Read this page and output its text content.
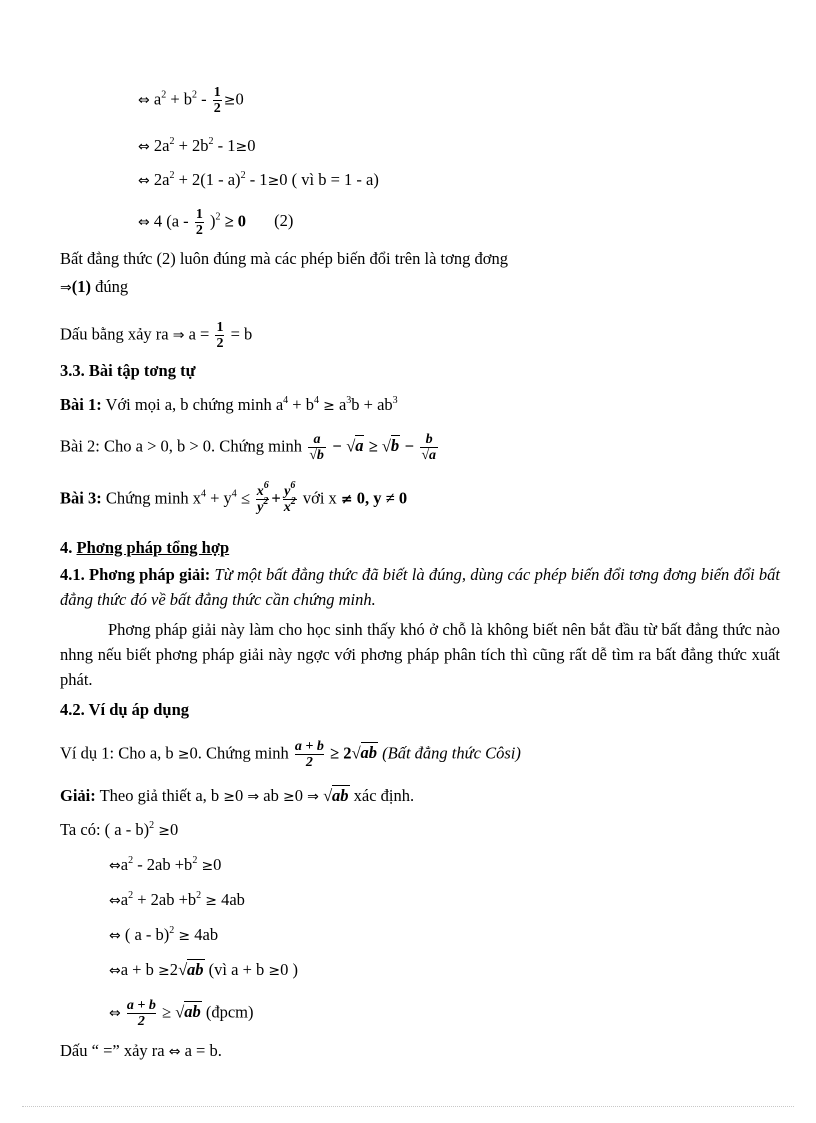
⇔ $a^2 + b^2 - \frac{1}{2} \ge 0$
⇔ $2a^2 + 2b^2 - 1\ge 0$
⇔ $2a^2 + 2(1 - a)^2 - 1\ge 0$ ( vì b = 1 - a)
⇔ 4 $(a - \frac{1}{2} )^2 \ge 0$ (2)
Bất đẳng thức (2) luôn đúng mà các phép biến đổi trên là tơng đơng
⇒(1) đúng
Dấu bằng xảy ra ⇒ $a = \frac{1}{2} = b$
3.3. Bài tập tơng tự
Bài 1: Với mọi a, b chứng minh $a^4 + b^4 \ge a^3b + ab^3$
Bài 2: Cho a > 0, b > 0. Chứng minh $\frac{a}{√b} - √a \ge √b - \frac{b}{√a}$
Bài 3: Chứng minh $x^4 + y^4 \le \frac{x^6}{y^2} + \frac{y^6}{x^2}$ với x ≠ 0, y ≠ 0
4. Phơng pháp tổng hợp
4.1. Phơng pháp giải: Từ một bất đẳng thức đã biết là đúng, dùng các phép biến đổi tơng đơng biến đổi bất đẳng thức đó về bất đẳng thức cần chứng minh.
Phơng pháp giải này làm cho học sinh thấy khó ở chỗ là không biết nên bắt đầu từ bất đẳng thức nào nhng nếu biết phơng pháp giải này ngợc với phơng pháp phân tích thì cũng rất dễ tìm ra bất đẳng thức xuất phát.
4.2. Ví dụ áp dụng
Ví dụ 1: Cho a, b ≥0. Chứng minh $\frac{a + b}{2} \ge 2√ab$ (Bất đẳng thức Côsi)
Giải: Theo giả thiết a, b ≥0 ⇒ ab ≥0 ⇒ √ab xác định.
Ta có: ( a - b)$^2$ ≥0
$\Leftrightarrow a^2 - 2ab +b^2 \ge 0$
$\Leftrightarrow a^2 + 2ab +b^2 \ge 4ab$
⇔ ( a - b)$^2$ ≥ 4ab
⇔a + b ≥2√ab (vì a + b ≥0 )
⇔ $\frac{a + b}{2} \ge √ab$ (đpcm)
Dấu “ =” xảy ra ⇔ a = b.
